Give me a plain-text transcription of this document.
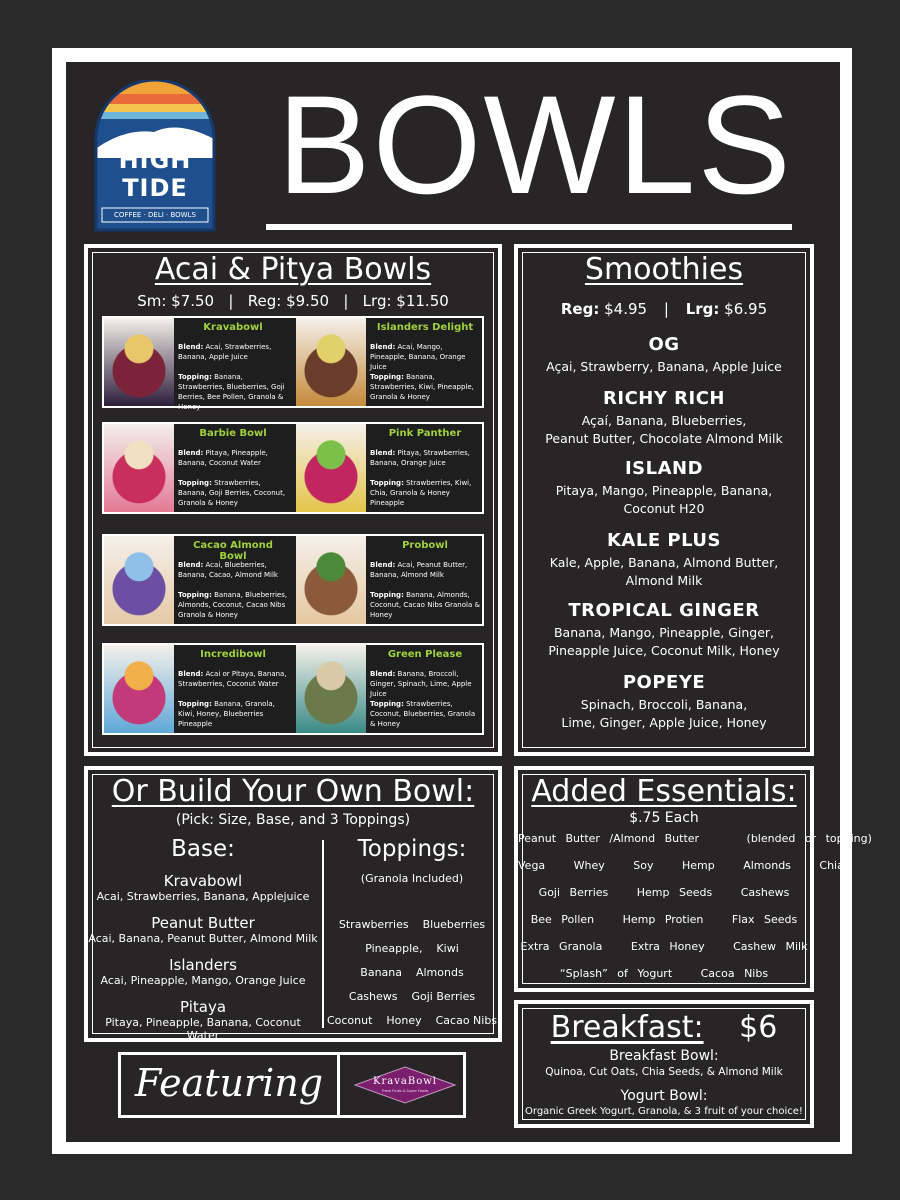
HIGH
TIDE
COFFEE · DELI · BOWLS BOWLS
Acai & Pitya Bowls
Sm: $7.50   |   Reg: $9.50   |   Lrg: $11.50
Kravabowl
Blend: Acai, Strawberries, Banana, Apple Juice
Topping: Banana, Strawberries, Blueberries, Goji Berries, Bee Pollen, Granola & Honey
Islanders Delight
Blend: Acai, Mango, Pineapple, Banana, Orange Juice
Topping: Banana, Strawberries, Kiwi, Pineapple, Granola & Honey
Barbie Bowl
Blend: Pitaya, Pineapple, Banana, Coconut Water
Topping: Strawberries, Banana, Goji Berries, Coconut, Granola & Honey
Pink Panther
Blend: Pitaya, Strawberries, Banana, Orange Juice
Topping: Strawberries, Kiwi, Chia, Granola & Honey Pineapple
Cacao Almond Bowl
Blend: Acai, Blueberries, Banana, Cacao, Almond Milk
Topping: Banana, Blueberries, Almonds, Coconut, Cacao Nibs Granola & Honey
Probowl
Blend: Acai, Peanut Butter, Banana, Almond Milk
Topping: Banana, Almonds, Coconut, Cacao Nibs Granola & Honey
Incredibowl
Blend: Acai or Pitaya, Banana, Strawberries, Coconut Water
Topping: Banana, Granola, Kiwi, Honey, Blueberries Pineapple
Green Please
Blend: Banana, Broccoli, Ginger, Spinach, Lime, Apple Juice
Topping: Strawberries, Coconut, Blueberries, Granola & Honey
Smoothies
Reg: $4.95 | Lrg: $6.95
OG
Açai, Strawberry, Banana, Apple Juice
RICHY RICH
Açaí, Banana, Blueberries,
Peanut Butter, Chocolate Almond Milk
ISLAND
Pitaya, Mango, Pineapple, Banana,
Coconut H20
KALE PLUS
Kale, Apple, Banana, Almond Butter,
Almond Milk
TROPICAL GINGER
Banana, Mango, Pineapple, Ginger,
Pineapple Juice, Coconut Milk, Honey
POPEYE
Spinach, Broccoli, Banana,
Lime, Ginger, Apple Juice, Honey
Or Build Your Own Bowl:
(Pick: Size, Base, and 3 Toppings)
Base:	Toppings:
(Granola Included)
Kravabowl
Acai, Strawberries, Banana, Applejuice
Peanut Butter
Acai, Banana, Peanut Butter, Almond Milk
Islanders
Acai, Pineapple, Mango, Orange Juice
Pitaya
Pitaya, Pineapple, Banana, Coconut Water
Strawberries    Blueberries
Pineapple,    Kiwi
Banana    Almonds
Cashews    Goji Berries
Coconut    Honey    Cacao Nibs
Added Essentials:
$.75 Each
Peanut Butter /Almond Butter     (blended or topping)
Vega   Whey   Soy   Hemp   Almonds   Chia
Goji Berries   Hemp Seeds   Cashews
Bee Pollen   Hemp Protien   Flax Seeds
Extra Granola   Extra Honey   Cashew Milk
“Splash” of Yogurt   Cacoa Nibs
Breakfast: $6
Breakfast Bowl:
Quinoa, Cut Oats, Chia Seeds, & Almond Milk
Yogurt Bowl:
Organic Greek Yogurt, Granola, & 3 fruit of your choice!
Featuring	KravaBowl
Fresh Fruits & Super Foods
